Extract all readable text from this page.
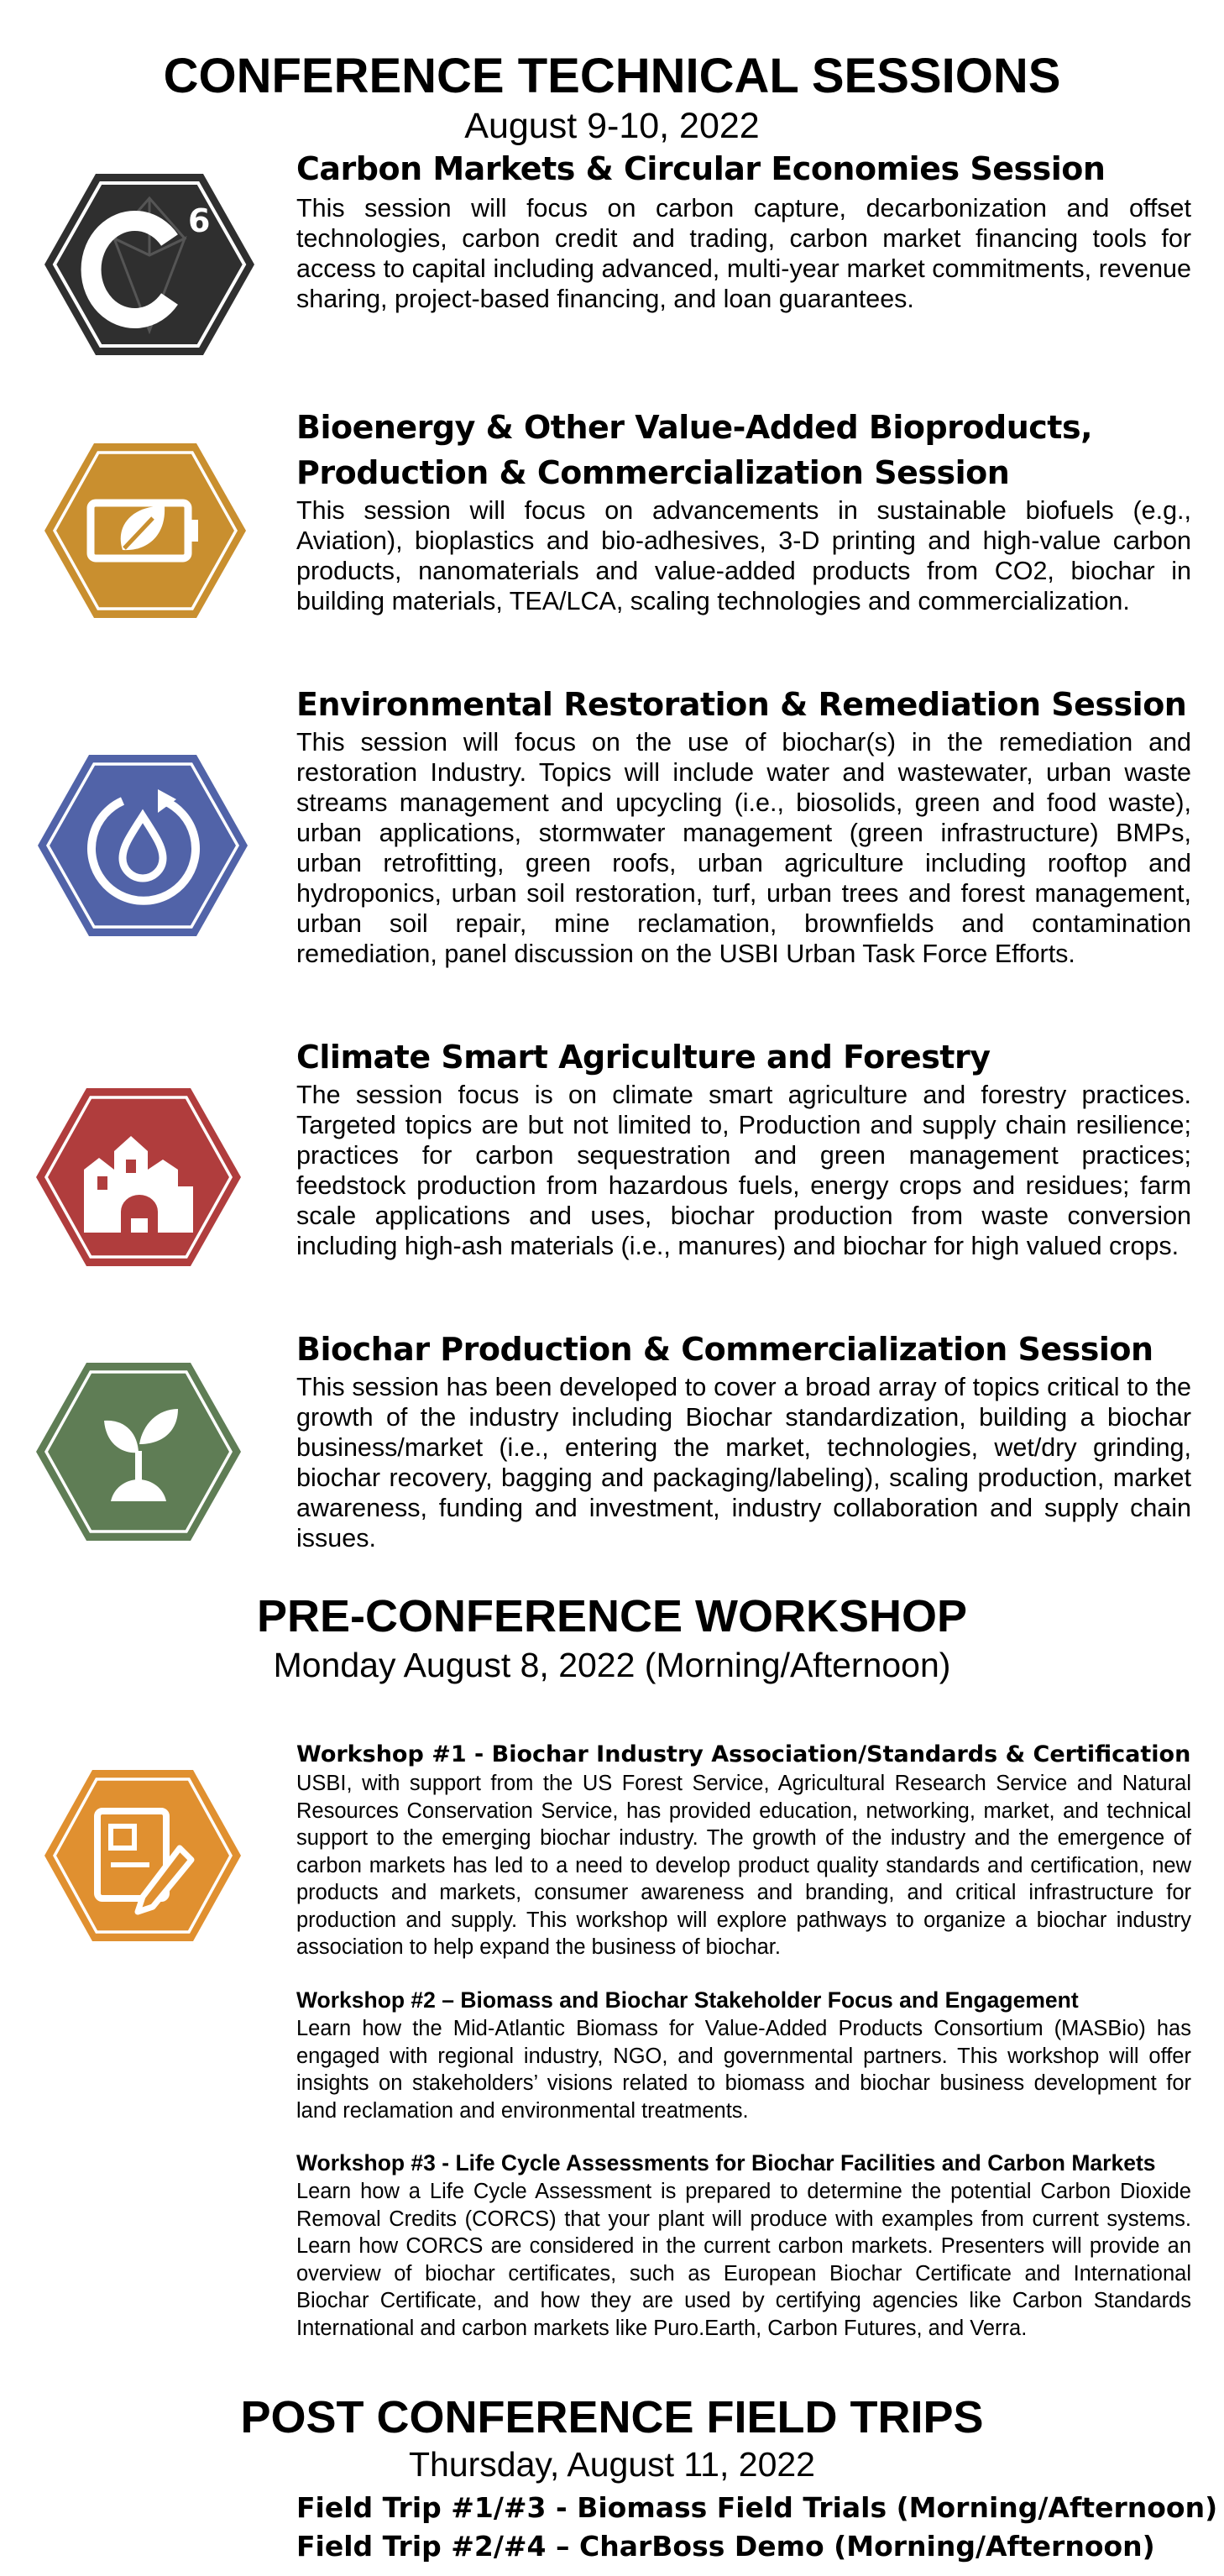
CONFERENCE TECHNICAL SESSIONS
August 9-10, 2022
6
Carbon Markets & Circular Economies Session
This session will focus on carbon capture, decarbonization and offset technologies, carbon credit and trading, carbon market financing tools for access to capital including advanced, multi-year market commitments, revenue sharing, project-based financing, and loan guarantees.
Bioenergy & Other Value-Added Bioproducts,
Production & Commercialization Session
This session will focus on advancements in sustainable biofuels (e.g., Aviation), bioplastics and bio-adhesives, 3-D printing and high-value carbon products, nanomaterials and value-added products from CO2, biochar in building materials, TEA/LCA, scaling technologies and commercialization.
Environmental Restoration & Remediation Session
This session will focus on the use of biochar(s) in the remediation and restoration Industry. Topics will include water and wastewater, urban waste streams management and upcycling (i.e., biosolids, green and food waste), urban applications, stormwater management (green infrastructure) BMPs, urban retrofitting, green roofs, urban agriculture including rooftop and hydroponics, urban soil restoration, turf, urban trees and forest management, urban soil repair, mine reclamation, brownfields and contamination remediation, panel discussion on the USBI Urban Task Force Efforts.
Climate Smart Agriculture and Forestry
The session focus is on climate smart agriculture and forestry practices. Targeted topics are but not limited to, Production and supply chain resilience; practices for carbon sequestration and green management practices; feedstock production from hazardous fuels, energy crops and residues; farm scale applications and uses, biochar production from waste conversion including high-ash materials (i.e., manures) and biochar for high valued crops.
Biochar Production & Commercialization Session
This session has been developed to cover a broad array of topics critical to the growth of the industry including Biochar standardization, building a biochar business/market (i.e., entering the market, technologies, wet/dry grinding, biochar recovery, bagging and packaging/labeling), scaling production, market awareness, funding and investment, industry collaboration and supply chain issues.
PRE-CONFERENCE WORKSHOP
Monday August 8, 2022 (Morning/Afternoon)
Workshop #1 - Biochar Industry Association/Standards & Certification
USBI, with support from the US Forest Service, Agricultural Research Service and Natural Resources Conservation Service, has provided education, networking, market, and technical support to the emerging biochar industry. The growth of the industry and the emergence of carbon markets has led to a need to develop product quality standards and certification, new products and markets, consumer awareness and branding, and critical infrastructure for production and supply. This workshop will explore pathways to organize a biochar industry association to help expand the business of biochar.
Workshop #2 – Biomass and Biochar Stakeholder Focus and Engagement
Learn how the Mid-Atlantic Biomass for Value-Added Products Consortium (MASBio) has engaged with regional industry, NGO, and governmental partners. This workshop will offer insights on stakeholders’ visions related to biomass and biochar business development for land reclamation and environmental treatments.
Workshop #3 - Life Cycle Assessments for Biochar Facilities and Carbon Markets
Learn how a Life Cycle Assessment is prepared to determine the potential Carbon Dioxide Removal Credits (CORCS) that your plant will produce with examples from current systems. Learn how CORCS are considered in the current carbon markets. Presenters will provide an overview of biochar certificates, such as European Biochar Certificate and International Biochar Certificate, and how they are used by certifying agencies like Carbon Standards International and carbon markets like Puro.Earth, Carbon Futures, and Verra.
POST CONFERENCE FIELD TRIPS
Thursday, August 11, 2022
Field Trip #1/#3 - Biomass Field Trials (Morning/Afternoon)
Field Trip #2/#4 – CharBoss Demo (Morning/Afternoon)
